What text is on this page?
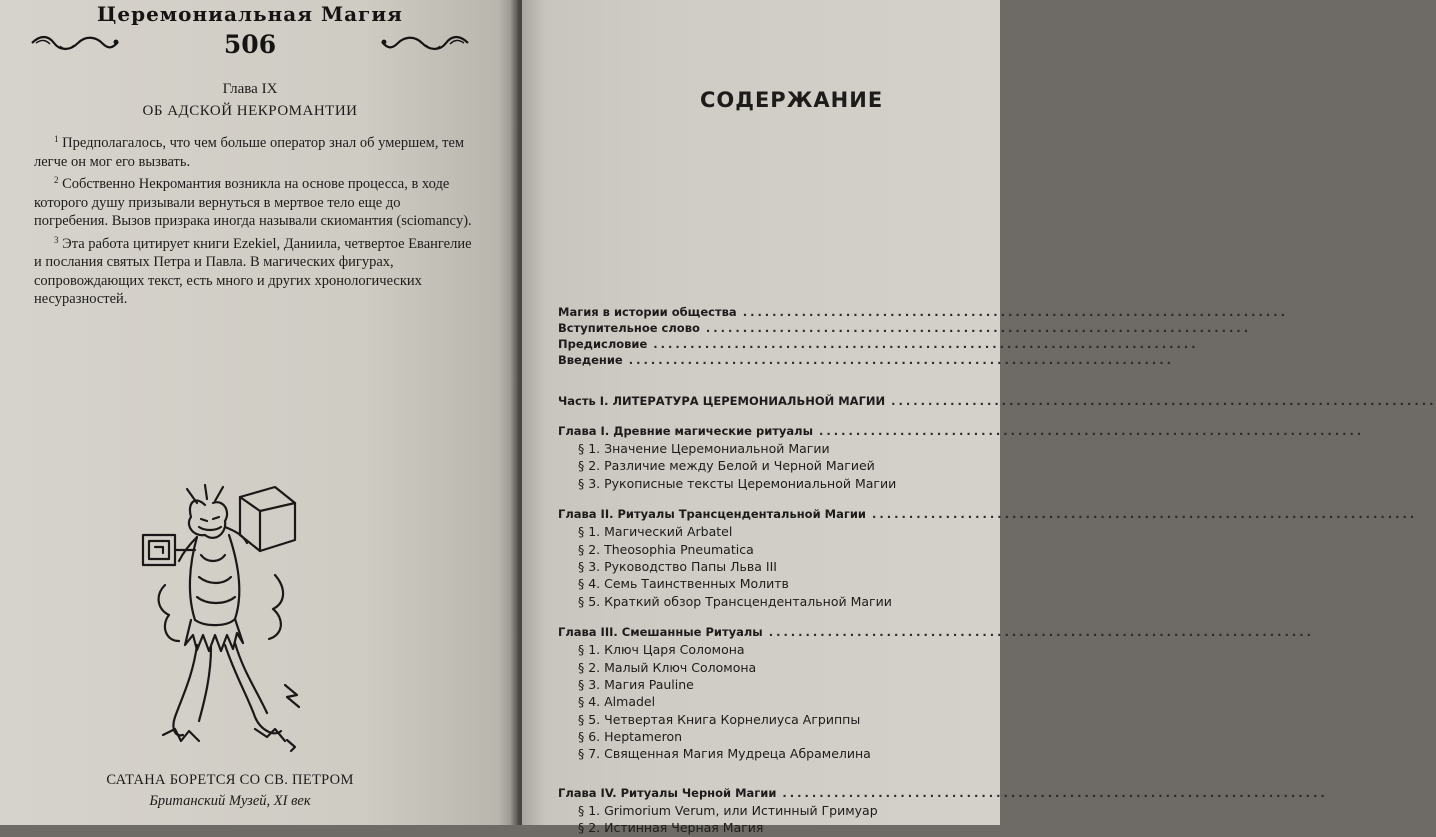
Церемониальная Магия
506
Глава IX
ОБ АДСКОЙ НЕКРОМАНТИИ

$^1$ Предполагалось, что чем больше оператор знал об умершем, тем легче он мог его вызвать.

$^2$ Собственно Некромантия возникла на основе процесса, в ходе которого душу призывали вернуться в мертвое тело еще до погребения. Вызов призрака иногда называли скиомантия (sciomancy).

$^3$ Эта работа цитирует книги Ezekiel, Даниила, четвертое Евангелие и послания святых Петра и Павла. В магических фигурах, сопровождающих текст, есть много и других хронологических несуразностей.

САТАНА БОРЕТСЯ СО СВ. ПЕТРОМ
Британский Музей, XI век
СОДЕРЖАНИЕ
Магия в истории общества ..........................................................................
Вступительное слово ..........................................................................
Предисловие ..........................................................................
Введение ..........................................................................
Часть I. ЛИТЕРАТУРА ЦЕРЕМОНИАЛЬНОЙ МАГИИ ..........................................................................
Глава I. Древние магические ритуалы ..........................................................................
§ 1. Значение Церемониальной Магии
§ 2. Различие между Белой и Черной Магией
§ 3. Рукописные тексты Церемониальной Магии
Глава II. Ритуалы Трансцендентальной Магии ..........................................................................
§ 1. Магический Arbatel
§ 2. Theosophia Pneumatica
§ 3. Руководство Папы Льва III
§ 4. Семь Таинственных Молитв
§ 5. Краткий обзор Трансцендентальной Магии
Глава III. Смешанные Ритуалы ..........................................................................
§ 1. Ключ Царя Соломона
§ 2. Малый Ключ Соломона
§ 3. Магия Pauline
§ 4. Almadel
§ 5. Четвертая Книга Корнелиуса Агриппы
§ 6. Heptameron
§ 7. Священная Магия Мудреца Абрамелина
Глава IV. Ритуалы Черной Магии ..........................................................................
§ 1. Grimorium Verum, или Истинный Гримуар
§ 2. Истинная Черная Магия
